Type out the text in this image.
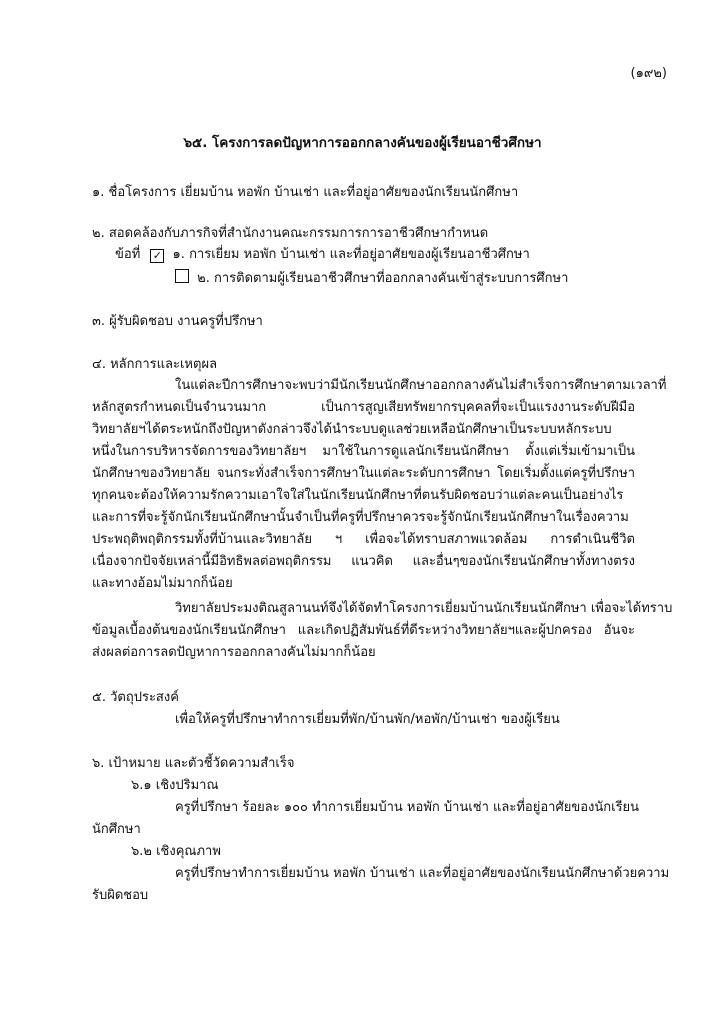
(๑๙๒)
๖๕. โครงการลดปัญหาการออกกลางคันของผู้เรียนอาชีวศึกษา
๑. ชื่อโครงการ เยี่ยมบ้าน หอพัก บ้านเช่า และที่อยู่อาศัยของนักเรียนนักศึกษา
๒. สอดคล้องกับภารกิจที่สำนักงานคณะกรรมการการอาชีวศึกษากำหนด
ข้อที่ ✓ ๑. การเยี่ยม หอพัก บ้านเช่า และที่อยู่อาศัยของผู้เรียนอาชีวศึกษา
๒. การติดตามผู้เรียนอาชีวศึกษาที่ออกกลางคันเข้าสู่ระบบการศึกษา
๓. ผู้รับผิดชอบ งานครูที่ปรึกษา
๔. หลักการและเหตุผล
ในแต่ละปีการศึกษาจะพบว่ามีนักเรียนนักศึกษาออกกลางคันไม่สำเร็จการศึกษาตามเวลาที่
หลักสูตรกำหนดเป็นจำนวนมาก เป็นการสูญเสียทรัพยากรบุคคลที่จะเป็นแรงงานระดับฝีมือ
วิทยาลัยฯได้ตระหนักถึงปัญหาดังกล่าวจึงได้นำระบบดูแลช่วยเหลือนักศึกษาเป็นระบบหลักระบบ
หนึ่งในการบริหารจัดการของวิทยาลัยฯ มาใช้ในการดูแลนักเรียนนักศึกษา ตั้งแต่เริ่มเข้ามาเป็น
นักศึกษาของวิทยาลัย จนกระทั่งสำเร็จการศึกษาในแต่ละระดับการศึกษา โดยเริ่มตั้งแต่ครูที่ปรึกษา
ทุกคนจะต้องให้ความรักความเอาใจใส่ในนักเรียนนักศึกษาที่ตนรับผิดชอบว่าแต่ละคนเป็นอย่างไร
และการที่จะรู้จักนักเรียนนักศึกษานั้นจำเป็นที่ครูที่ปรึกษาควรจะรู้จักนักเรียนนักศึกษาในเรื่องความ
ประพฤติพฤติกรรมทั้งที่บ้านและวิทยาลัย ฯ เพื่อจะได้ทราบสภาพแวดล้อม การดำเนินชีวิต
เนื่องจากปัจจัยเหล่านี้มีอิทธิพลต่อพฤติกรรม แนวคิด และอื่นๆของนักเรียนนักศึกษาทั้งทางตรง
และทางอ้อมไม่มากก็น้อย
วิทยาลัยประมงติณสูลานนท์จึงได้จัดทำโครงการเยี่ยมบ้านนักเรียนนักศึกษา เพื่อจะได้ทราบ
ข้อมูลเบื้องต้นของนักเรียนนักศึกษา และเกิดปฏิสัมพันธ์ที่ดีระหว่างวิทยาลัยฯและผู้ปกครอง อันจะ
ส่งผลต่อการลดปัญหาการออกกลางคันไม่มากก็น้อย
๕. วัตถุประสงค์
เพื่อให้ครูที่ปรึกษาทำการเยี่ยมที่พัก/บ้านพัก/หอพัก/บ้านเช่า ของผู้เรียน
๖. เป้าหมาย และตัวชี้วัดความสำเร็จ
๖.๑ เชิงปริมาณ
ครูที่ปรึกษา ร้อยละ ๑๐๐ ทำการเยี่ยมบ้าน หอพัก บ้านเช่า และที่อยู่อาศัยของนักเรียน
นักศึกษา
๖.๒ เชิงคุณภาพ
ครูที่ปรึกษาทำการเยี่ยมบ้าน หอพัก บ้านเช่า และที่อยู่อาศัยของนักเรียนนักศึกษาด้วยความ
รับผิดชอบ
